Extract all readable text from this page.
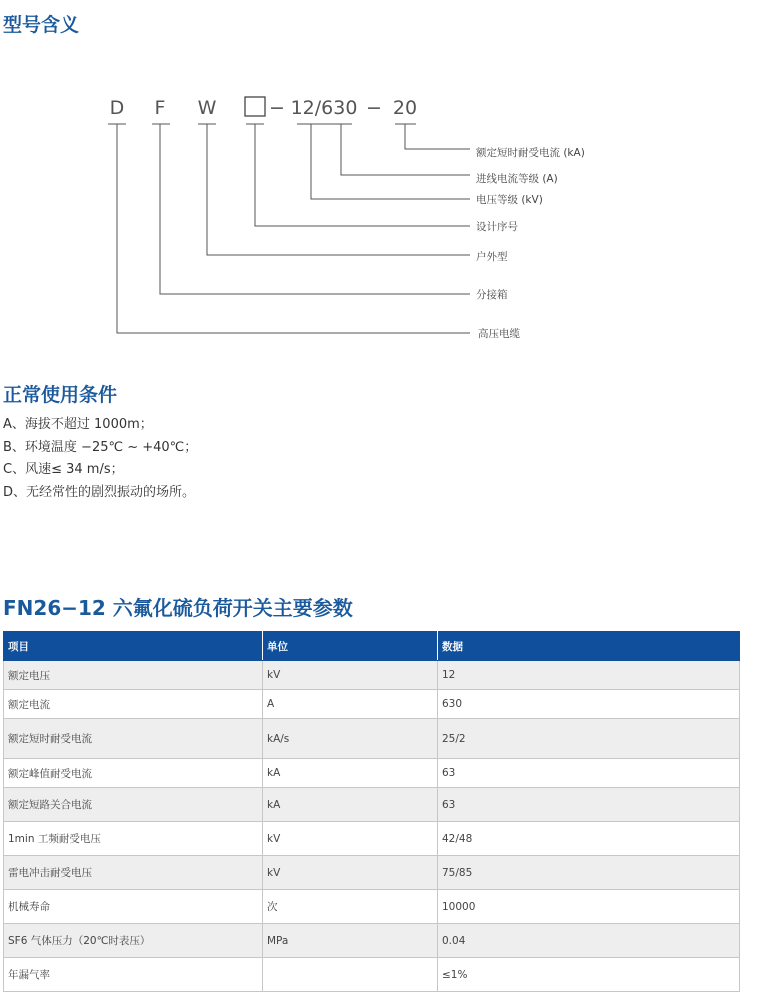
型号含义
D F W	− 12/630 − 20
额定短时耐受电流 (kA)
进线电流等级 (A)
电压等级 (kV)
设计序号
户外型
分接箱
高压电缆
正常使用条件
A、海拔不超过 1000m；
B、环境温度 −25℃ ~ +40℃；
C、风速≤ 34 m/s；
D、无经常性的剧烈振动的场所。
FN26−12 六氟化硫负荷开关主要参数
项目	单位	数据
额定电压	kV	12
额定电流	A	630
额定短时耐受电流	kA/s	25/2
额定峰值耐受电流	kA	63
额定短路关合电流	kA	63
1min 工频耐受电压	kV	42/48
雷电冲击耐受电压	kV	75/85
机械寿命	次	10000
SF6 气体压力（20℃时表压）	MPa	0.04
年漏气率		≤1%
